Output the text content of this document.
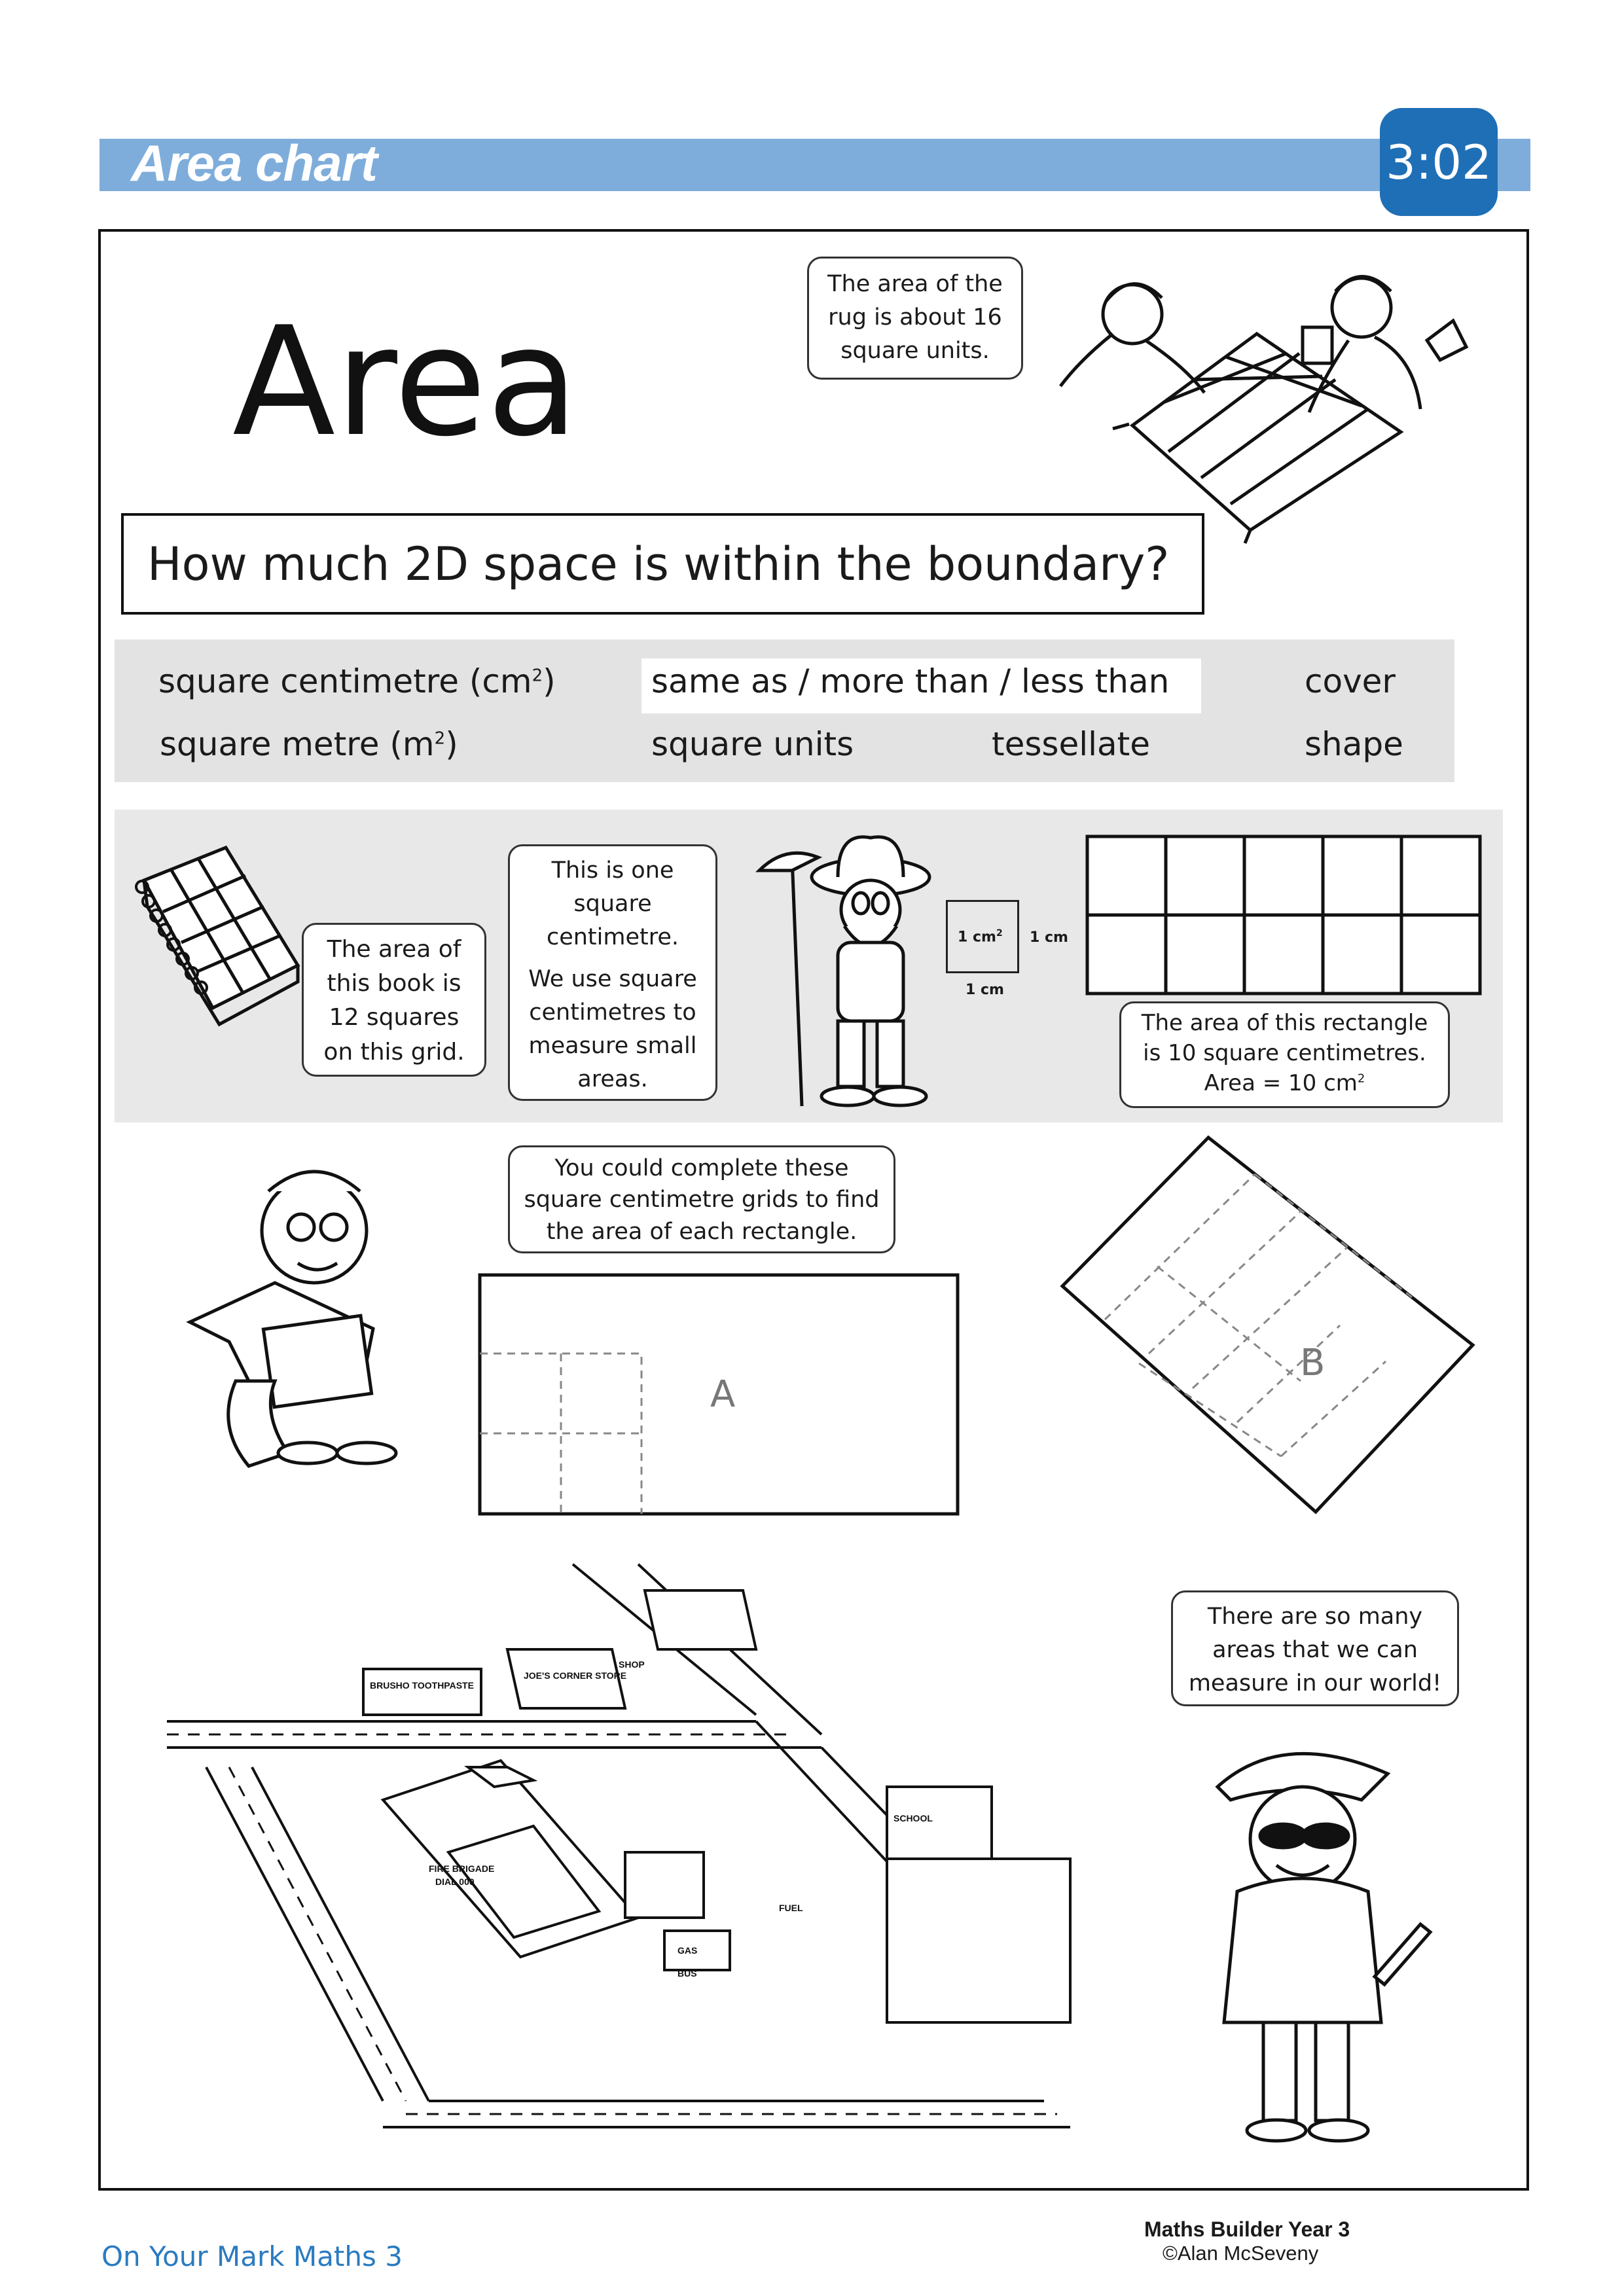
Area chart	3:02
Area
The area of the rug is about 16 square units.
How much 2D space is within the boundary?
square centimetre $(cm^2)$	same as / more than / less than	cover
square metre $(m^2)$	square units	tessellate	shape
The area of this book is 12 squares on this grid.
This is one square centimetre.
We use square centimetres to measure small areas.
1 $cm^2$ 1 cm
1 cm
The area of this rectangle
is 10 square centimetres.
Area = 10 $cm^2$
You could complete these square centimetre grids to find the area of each rectangle.
A
B
BRUSHO TOOTHPASTE
JOE'S CORNER STORE
SHOP
SCHOOL
FIRE BRIGADE
DIAL 000
FUEL
GAS
BUS
There are so many areas that we can measure in our world!
On Your Mark Maths 3
Maths Builder Year 3
©Alan McSeveny
